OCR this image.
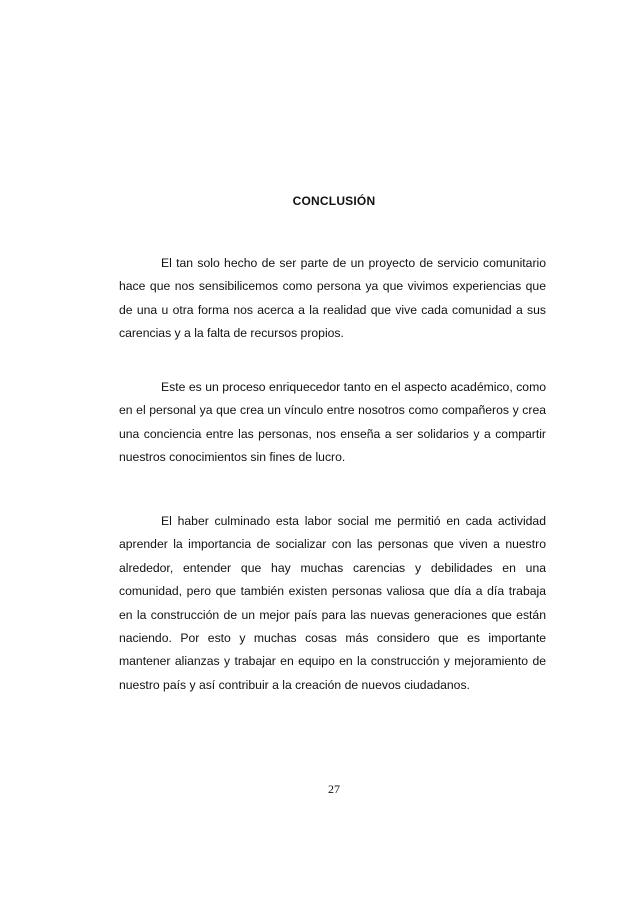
CONCLUSIÓN

El tan solo hecho de ser parte de un proyecto de servicio comunitario hace que nos sensibilicemos como persona ya que vivimos experiencias que de una u otra forma nos acerca a la realidad que vive cada comunidad a sus carencias y a la falta de recursos propios.

Este es un proceso enriquecedor tanto en el aspecto académico, como en el personal ya que crea un vínculo entre nosotros como compañeros y crea una conciencia entre las personas, nos enseña a ser solidarios y a compartir nuestros conocimientos sin fines de lucro.

El haber culminado esta labor social me permitió en cada actividad aprender la importancia de socializar con las personas que viven a nuestro alrededor, entender que hay muchas carencias y debilidades en una comunidad, pero que también existen personas valiosa que día a día trabaja en la construcción de un mejor país para las nuevas generaciones que están naciendo. Por esto y muchas cosas más considero que es importante mantener alianzas y trabajar en equipo en la construcción y mejoramiento de nuestro país y así contribuir a la creación de nuevos ciudadanos.

27
